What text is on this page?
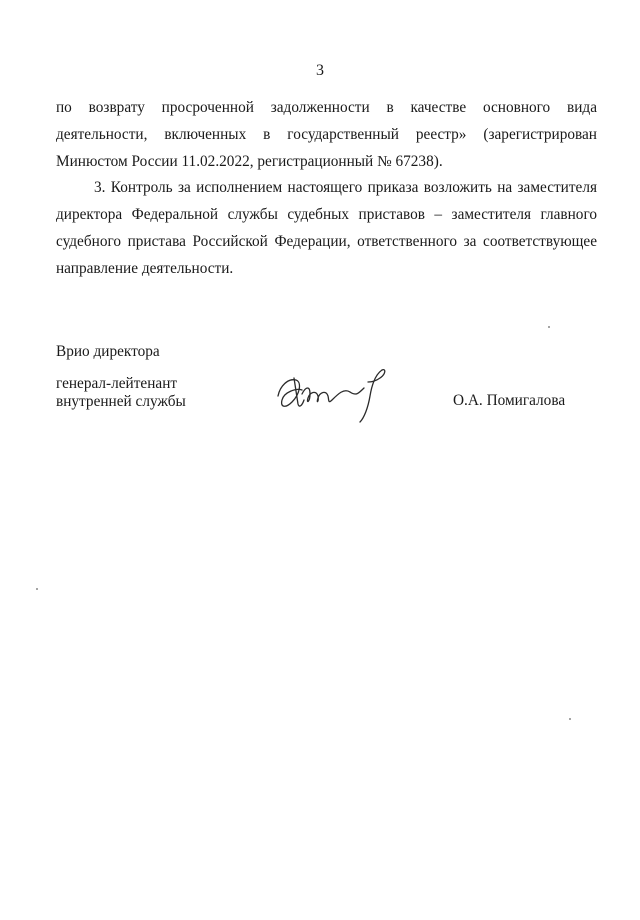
3

по возврату просроченной задолженности в качестве основного вида деятельности, включенных в государственный реестр» (зарегистрирован Минюстом России 11.02.2022, регистрационный № 67238).

3. Контроль за исполнением настоящего приказа возложить на заместителя директора Федеральной службы судебных приставов – заместителя главного судебного пристава Российской Федерации, ответственного за соответствующее направление деятельности.

Врио директора
генерал-лейтенант
внутренней службы	О.А. Помигалова
